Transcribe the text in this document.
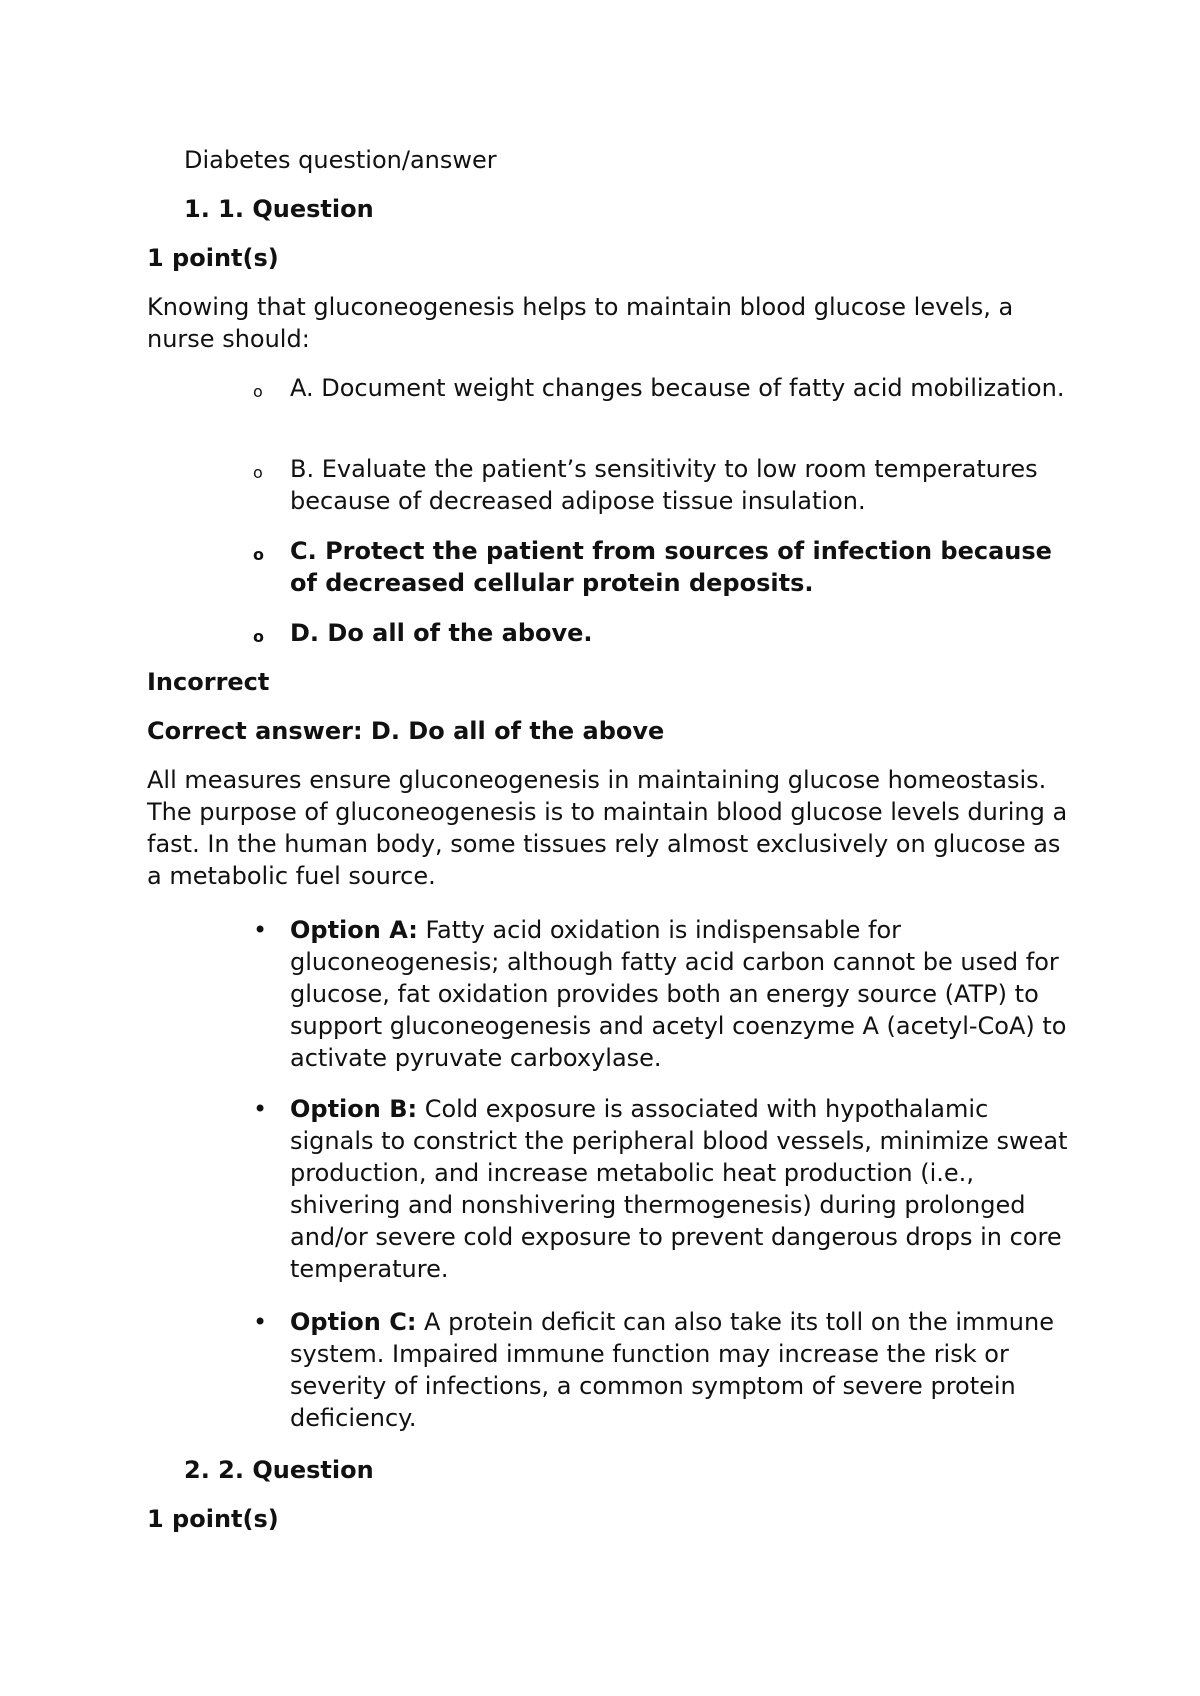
Diabetes question/answer
1. 1. Question
1 point(s)
Knowing that gluconeogenesis helps to maintain blood glucose levels, a nurse should:
o A. Document weight changes because of fatty acid mobilization.
o B. Evaluate the patient’s sensitivity to low room temperatures because of decreased adipose tissue insulation.
o C. Protect the patient from sources of infection because of decreased cellular protein deposits.
o D. Do all of the above.
Incorrect
Correct answer: D. Do all of the above
All measures ensure gluconeogenesis in maintaining glucose homeostasis. The purpose of gluconeogenesis is to maintain blood glucose levels during a fast. In the human body, some tissues rely almost exclusively on glucose as a metabolic fuel source.
• Option A: Fatty acid oxidation is indispensable for gluconeogenesis; although fatty acid carbon cannot be used for glucose, fat oxidation provides both an energy source (ATP) to support gluconeogenesis and acetyl coenzyme A (acetyl-CoA) to activate pyruvate carboxylase.
• Option B: Cold exposure is associated with hypothalamic signals to constrict the peripheral blood vessels, minimize sweat production, and increase metabolic heat production (i.e., shivering and nonshivering thermogenesis) during prolonged and/or severe cold exposure to prevent dangerous drops in core temperature.
• Option C: A protein deficit can also take its toll on the immune system. Impaired immune function may increase the risk or severity of infections, a common symptom of severe protein deficiency.
2. 2. Question
1 point(s)
